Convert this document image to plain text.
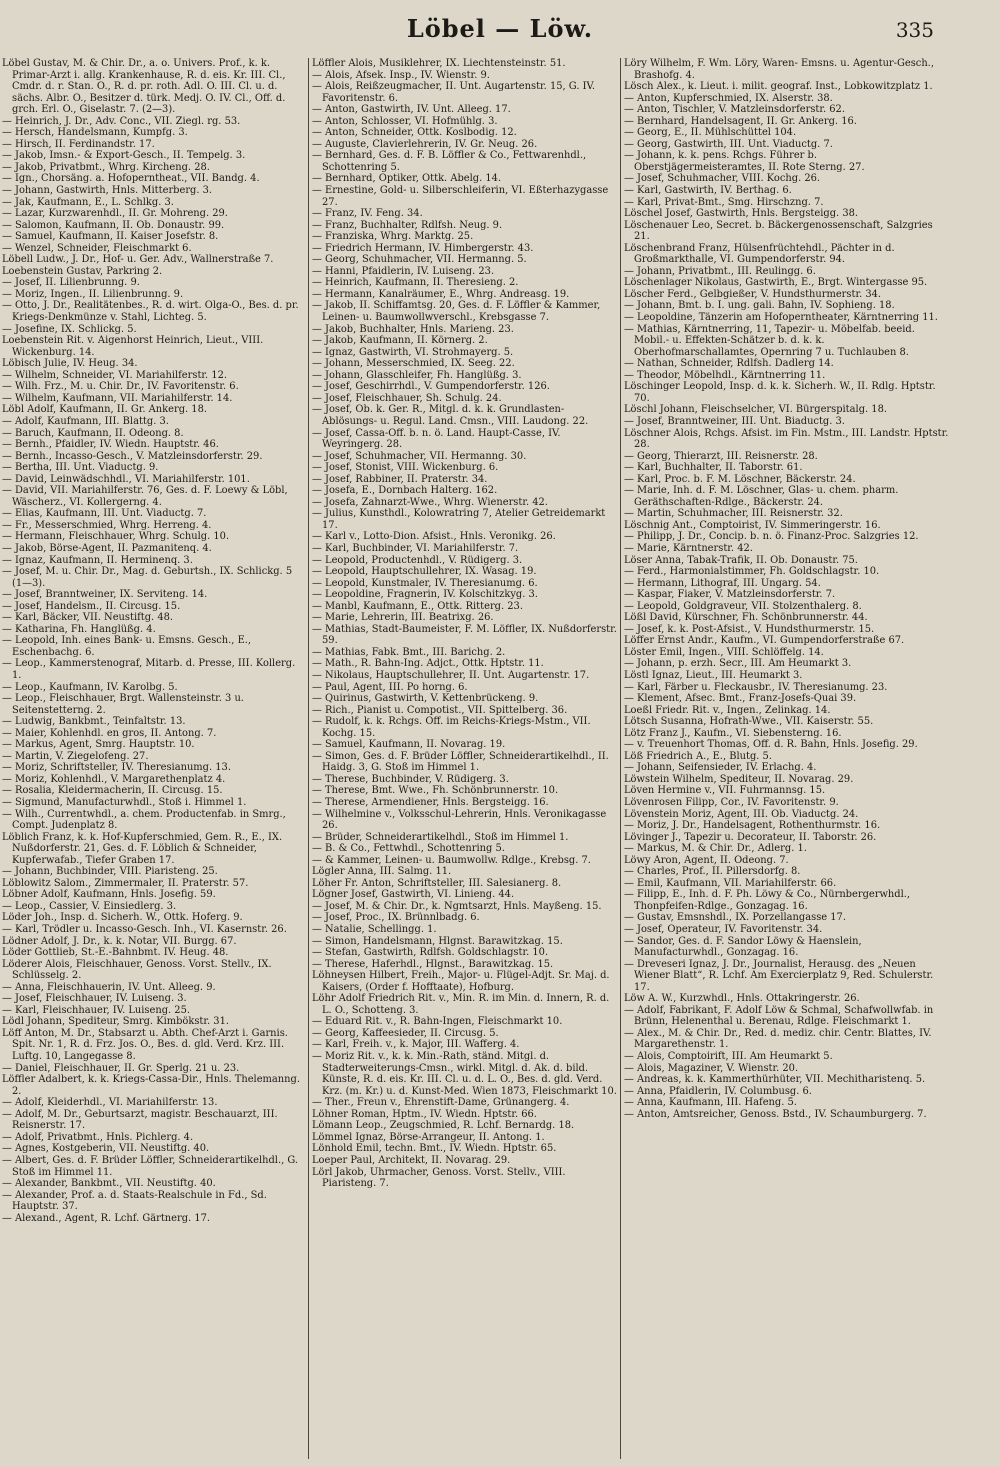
Löbel — Löw.	335
Löbel Gustav, M. & Chir. Dr., a. o. Univers. Prof., k. k. Primar-Arzt i. allg. Krankenhause, R. d. eis. Kr. III. Cl., Cmdr. d. r. Stan. O., R. d. pr. roth. Adl. O. III. Cl. u. d. sächs. Albr. O., Besitzer d. türk. Medj. O. IV. Cl., Off. d. grch. Erl. O., Giselastr. 7. (2—3).
— Heinrich, J. Dr., Adv. Conc., VII. Ziegl. rg. 53.
— Hersch, Handelsmann, Kumpfg. 3.
— Hirsch, II. Ferdinandstr. 17.
— Jakob, Imsn.- & Export-Gesch., II. Tempelg. 3.
— Jakob, Privatbmt., Whrg. Kircheng. 28.
— Ign., Chorsäng. a. Hofoperntheat., VII. Bandg. 4.
— Johann, Gastwirth, Hnls. Mitterberg. 3.
— Jak, Kaufmann, E., L. Schlkg. 3.
— Lazar, Kurzwarenhdl., II. Gr. Mohreng. 29.
— Salomon, Kaufmann, II. Ob. Donaustr. 99.
— Samuel, Kaufmann, II. Kaiser Josefstr. 8.
— Wenzel, Schneider, Fleischmarkt 6.
Löbell Ludw., J. Dr., Hof- u. Ger. Adv., Wallnerstraße 7.
Loebenstein Gustav, Parkring 2.
— Josef, II. Lilienbrunng. 9.
— Moriz, Ingen., II. Lilienbrunng. 9.
— Otto, J. Dr., Realitätenbes., R. d. wirt. Olga-O., Bes. d. pr. Kriegs-Denkmünze v. Stahl, Lichteg. 5.
— Josefine, IX. Schlickg. 5.
Loebenstein Rit. v. Aigenhorst Heinrich, Lieut., VIII. Wickenburg. 14.
Löbisch Julie, IV. Heug. 34.
— Wilhelm, Schneider, VI. Mariahilferstr. 12.
— Wilh. Frz., M. u. Chir. Dr., IV. Favoritenstr. 6.
— Wilhelm, Kaufmann, VII. Mariahilferstr. 14.
Löbl Adolf, Kaufmann, II. Gr. Ankerg. 18.
— Adolf, Kaufmann, III. Blattg. 3.
— Baruch, Kaufmann, II. Odeong. 8.
— Bernh., Pfaidler, IV. Wiedn. Hauptstr. 46.
— Bernh., Incasso-Gesch., V. Matzleinsdorferstr. 29.
— Bertha, III. Unt. Viaductg. 9.
— David, Leinwädschhdl., VI. Mariahilferstr. 101.
— David, VII. Mariahilferstr. 76, Ges. d. F. Loewy & Löbl, Wäscherz., VI. Kollergerng. 4.
— Elias, Kaufmann, III. Unt. Viaductg. 7.
— Fr., Messerschmied, Whrg. Herreng. 4.
— Hermann, Fleischhauer, Whrg. Schulg. 10.
— Jakob, Börse-Agent, II. Pazmanitenq. 4.
— Ignaz, Kaufmann, II. Herminenq. 3.
— Josef, M. u. Chir. Dr., Mag. d. Geburtsh., IX. Schlickg. 5 (1—3).
— Josef, Branntweiner, IX. Serviteng. 14.
— Josef, Handelsm., II. Circusg. 15.
— Karl, Bäcker, VII. Neustiftg. 48.
— Katharina, Fh. Hanglüßg. 4.
— Leopold, Inh. eines Bank- u. Emsns. Gesch., E., Eschenbachg. 6.
— Leop., Kammerstenograf, Mitarb. d. Presse, III. Kollerg. 1.
— Leop., Kaufmann, IV. Karolbg. 5.
— Leop., Fleischhauer, Brgt. Wallensteinstr. 3 u. Seitenstetterng. 2.
— Ludwig, Bankbmt., Teinfaltstr. 13.
— Maier, Kohlenhdl. en gros, II. Antong. 7.
— Markus, Agent, Smrg. Hauptstr. 10.
— Martin, V. Ziegelofeng. 27.
— Moriz, Schriftsteller, IV. Theresianumg. 13.
— Moriz, Kohlenhdl., V. Margarethenplatz 4.
— Rosalia, Kleidermacherin, II. Circusg. 15.
— Sigmund, Manufacturwhdl., Stoß i. Himmel 1.
— Wilh., Currentwhdl., a. chem. Productenfab. in Smrg., Compt. Judenplatz 8.
Löblich Franz, k. k. Hof-Kupferschmied, Gem. R., E., IX. Nußdorferstr. 21, Ges. d. F. Löblich & Schneider, Kupferwafab., Tiefer Graben 17.
— Johann, Buchbinder, VIII. Piaristeng. 25.
Löblowitz Salom., Zimmermaler, II. Praterstr. 57.
Löbner Adolf, Kaufmann, Hnls. Josefig. 59.
— Leop., Cassier, V. Einsiedlerg. 3.
Löder Joh., Insp. d. Sicherh. W., Ottk. Hoferg. 9.
— Karl, Trödler u. Incasso-Gesch. Inh., VI. Kasernstr. 26.
Lödner Adolf, J. Dr., k. k. Notar, VII. Burgg. 67.
Löder Gottlieb, St.-E.-Bahnbmt. IV. Heug. 48.
Löderer Alois, Fleischhauer, Genoss. Vorst. Stellv., IX. Schlüsselg. 2.
— Anna, Fleischhauerin, IV. Unt. Alleeg. 9.
— Josef, Fleischhauer, IV. Luiseng. 3.
— Karl, Fleischhauer, IV. Luiseng. 25.
Lödl Johann, Spediteur, Smrg. Kimbökstr. 31.
Löff Anton, M. Dr., Stabsarzt u. Abth. Chef-Arzt i. Garnis. Spit. Nr. 1, R. d. Frz. Jos. O., Bes. d. gld. Verd. Krz. III. Luftg. 10, Langegasse 8.
— Daniel, Fleischhauer, II. Gr. Sperlg. 21 u. 23.
Löffler Adalbert, k. k. Kriegs-Cassa-Dir., Hnls. Thelemanng. 2.
— Adolf, Kleiderhdl., VI. Mariahilferstr. 13.
— Adolf, M. Dr., Geburtsarzt, magistr. Beschauarzt, III. Reisnerstr. 17.
— Adolf, Privatbmt., Hnls. Pichlerg. 4.
— Agnes, Kostgeberin, VII. Neustiftg. 40.
— Albert, Ges. d. F. Brüder Löffler, Schneiderartikelhdl., G. Stoß im Himmel 11.
— Alexander, Bankbmt., VII. Neustiftg. 40.
— Alexander, Prof. a. d. Staats-Realschule in Fd., Sd. Hauptstr. 37.
— Alexand., Agent, R. Lchf. Gärtnerg. 17.
Löffler Alois, Musiklehrer, IX. Liechtensteinstr. 51.
— Alois, Afsek. Insp., IV. Wienstr. 9.
— Alois, Reißzeugmacher, II. Unt. Augartenstr. 15, G. IV. Favoritenstr. 6.
— Anton, Gastwirth, IV. Unt. Alleeg. 17.
— Anton, Schlosser, VI. Hofmühlg. 3.
— Anton, Schneider, Ottk. Koslbodig. 12.
— Auguste, Clavierlehrerin, IV. Gr. Neug. 26.
— Bernhard, Ges. d. F. B. Löffler & Co., Fettwarenhdl., Schottenring 5.
— Bernhard, Optiker, Ottk. Abelg. 14.
— Ernestine, Gold- u. Silberschleiferin, VI. Eßterhazygasse 27.
— Franz, IV. Feng. 34.
— Franz, Buchhalter, Rdlfsh. Neug. 9.
— Franziska, Whrg. Marktg. 25.
— Friedrich Hermann, IV. Himbergerstr. 43.
— Georg, Schuhmacher, VII. Hermanng. 5.
— Hanni, Pfaidlerin, IV. Luiseng. 23.
— Heinrich, Kaufmann, II. Theresieng. 2.
— Hermann, Kanalräumer, E., Whrg. Andreasg. 19.
— Jakob, II. Schiffamtsg. 20, Ges. d. F. Löffler & Kammer, Leinen- u. Baumwollwverschl., Krebsgasse 7.
— Jakob, Buchhalter, Hnls. Marieng. 23.
— Jakob, Kaufmann, II. Körnerg. 2.
— Ignaz, Gastwirth, VI. Strohmayerg. 5.
— Johann, Messerschmied, IX. Seeg. 22.
— Johann, Glasschleifer, Fh. Hanglüßg. 3.
— Josef, Geschirrhdl., V. Gumpendorferstr. 126.
— Josef, Fleischhauer, Sh. Schulg. 24.
— Josef, Ob. k. Ger. R., Mitgl. d. k. k. Grundlasten-Ablösungs- u. Regul. Land. Cmsn., VIII. Laudong. 22.
— Josef, Cassa-Off. b. n. ö. Land. Haupt-Casse, IV. Weyringerg. 28.
— Josef, Schuhmacher, VII. Hermanng. 30.
— Josef, Stonist, VIII. Wickenburg. 6.
— Josef, Rabbiner, II. Praterstr. 34.
— Josefa, E., Dornbach Halterg. 162.
— Josefa, Zahnarzt-Wwe., Whrg. Wienerstr. 42.
— Julius, Kunsthdl., Kolowratring 7, Atelier Getreidemarkt 17.
— Karl v., Lotto-Dion. Afsist., Hnls. Veronikg. 26.
— Karl, Buchbinder, VI. Mariahilferstr. 7.
— Leopold, Productenhdl., V. Rüdigerg. 3.
— Leopold, Hauptschullehrer, IX. Wasag. 19.
— Leopold, Kunstmaler, IV. Theresianumg. 6.
— Leopoldine, Fragnerin, IV. Kolschitzkyg. 3.
— Manbl, Kaufmann, E., Ottk. Ritterg. 23.
— Marie, Lehrerin, III. Beatrixg. 26.
— Mathias, Stadt-Baumeister, F. M. Löffler, IX. Nußdorferstr. 59.
— Mathias, Fabk. Bmt., III. Barichg. 2.
— Math., R. Bahn-Ing. Adjct., Ottk. Hptstr. 11.
— Nikolaus, Hauptschullehrer, II. Unt. Augartenstr. 17.
— Paul, Agent, III. Po horng. 6.
— Quirinus, Gastwirth, V. Kettenbrückeng. 9.
— Rich., Pianist u. Compotist., VII. Spittelberg. 36.
— Rudolf, k. k. Rchgs. Off. im Reichs-Kriegs-Mstm., VII. Kochg. 15.
— Samuel, Kaufmann, II. Novarag. 19.
— Simon, Ges. d. F. Brüder Löffler, Schneiderartikelhdl., II. Haidg. 3, G. Stoß im Himmel 1.
— Therese, Buchbinder, V. Rüdigerg. 3.
— Therese, Bmt. Wwe., Fh. Schönbrunnerstr. 10.
— Therese, Armendiener, Hnls. Bergsteigg. 16.
— Wilhelmine v., Volksschul-Lehrerin, Hnls. Veronikagasse 26.
— Brüder, Schneiderartikelhdl., Stoß im Himmel 1.
— B. & Co., Fettwhdl., Schottenring 5.
— & Kammer, Leinen- u. Baumwollw. Rdlge., Krebsg. 7.
Lögler Anna, III. Salmg. 11.
Löher Fr. Anton, Schriftsteller, III. Salesianerg. 8.
Lögner Josef, Gastwirth, VI. Linieng. 44.
— Josef, M. & Chir. Dr., k. Ngmtsarzt, Hnls. Mayßeng. 15.
— Josef, Proc., IX. Brünnlbadg. 6.
— Natalie, Schellingg. 1.
— Simon, Handelsmann, Hlgnst. Barawitzkag. 15.
— Stefan, Gastwirth, Rdlfsh. Goldschlagstr. 10.
— Therese, Haferhdl., Hlgnst., Barawitzkag. 15.
Löhneysen Hilbert, Freih., Major- u. Flügel-Adjt. Sr. Maj. d. Kaisers, (Order f. Hofftaate), Hofburg.
Löhr Adolf Friedrich Rit. v., Min. R. im Min. d. Innern, R. d. L. O., Schotteng. 3.
— Eduard Rit. v., R. Bahn-Ingen, Fleischmarkt 10.
— Georg, Kaffeesieder, II. Circusg. 5.
— Karl, Freih. v., k. Major, III. Wafferg. 4.
— Moriz Rit. v., k. k. Min.-Rath, ständ. Mitgl. d. Stadterweiterungs-Cmsn., wirkl. Mitgl. d. Ak. d. bild. Künste, R. d. eis. Kr. III. Cl. u. d. L. O., Bes. d. gld. Verd. Krz. (m. Kr.) u. d. Kunst-Med. Wien 1873, Fleischmarkt 10.
— Ther., Freun v., Ehrenstift-Dame, Grünangerg. 4.
Löhner Roman, Hptm., IV. Wiedn. Hptstr. 66.
Lömann Leop., Zeugschmied, R. Lchf. Bernardg. 18.
Lömmel Ignaz, Börse-Arrangeur, II. Antong. 1.
Lönhold Emil, techn. Bmt., IV. Wiedn. Hptstr. 65.
Loeper Paul, Architekt, II. Novarag. 29.
Lörl Jakob, Uhrmacher, Genoss. Vorst. Stellv., VIII. Piaristeng. 7.
Löry Wilhelm, F. Wm. Löry, Waren- Emsns. u. Agentur-Gesch., Brashofg. 4.
Lösch Alex., k. Lieut. i. milit. geograf. Inst., Lobkowitzplatz 1.
— Anton, Kupferschmied, IX. Alserstr. 38.
— Anton, Tischler, V. Matzleinsdorferstr. 62.
— Bernhard, Handelsagent, II. Gr. Ankerg. 16.
— Georg, E., II. Mühlschüttel 104.
— Georg, Gastwirth, III. Unt. Viaductg. 7.
— Johann, k. k. pens. Rchgs. Führer b. Oberstjägermeisteramtes, II. Rote Sterng. 27.
— Josef, Schuhmacher, VIII. Kochg. 26.
— Karl, Gastwirth, IV. Berthag. 6.
— Karl, Privat-Bmt., Smg. Hirschzng. 7.
Löschel Josef, Gastwirth, Hnls. Bergsteigg. 38.
Löschenauer Leo, Secret. b. Bäckergenossenschaft, Salzgries 21.
Löschenbrand Franz, Hülsenfrüchtehdl., Pächter in d. Großmarkthalle, VI. Gumpendorferstr. 94.
— Johann, Privatbmt., III. Reulingg. 6.
Löschenlager Nikolaus, Gastwirth, E., Brgt. Wintergasse 95.
Löscher Ferd., Gelbgießer, V. Hundsthurmerstr. 34.
— Johann, Bmt. b. I. ung. gali. Bahn, IV. Sophieng. 18.
— Leopoldine, Tänzerin am Hofoperntheater, Kärntnerring 11.
— Mathias, Kärntnerring, 11, Tapezir- u. Möbelfab. beeid. Mobil.- u. Effekten-Schätzer b. d. k. k. Oberhofmarschallamtes, Opernring 7 u. Tuchlauben 8.
— Nathan, Schneider, Rdlfsh. Dadlerg 14.
— Theodor, Möbelhdl., Kärntnerring 11.
Löschinger Leopold, Insp. d. k. k. Sicherh. W., II. Rdlg. Hptstr. 70.
Löschl Johann, Fleischselcher, VI. Bürgerspitalg. 18.
— Josef, Branntweiner, III. Unt. Biaductg. 3.
Löschner Alois, Rchgs. Afsist. im Fin. Mstm., III. Landstr. Hptstr. 28.
— Georg, Thierarzt, III. Reisnerstr. 28.
— Karl, Buchhalter, II. Taborstr. 61.
— Karl, Proc. b. F. M. Löschner, Bäckerstr. 24.
— Marie, Inh. d. F. M. Löschner, Glas- u. chem. pharm. Geräthschaften-Rdlge., Bäckerstr. 24.
— Martin, Schuhmacher, III. Reisnerstr. 32.
Löschnig Ant., Comptoirist, IV. Simmeringerstr. 16.
— Philipp, J. Dr., Concip. b. n. ö. Finanz-Proc. Salzgries 12.
— Marie, Kärntnerstr. 42.
Löser Anna, Tabak-Trafik, II. Ob. Donaustr. 75.
— Ferd., Harmonialstimmer, Fh. Goldschlagstr. 10.
— Hermann, Lithograf, III. Ungarg. 54.
— Kaspar, Fiaker, V. Matzleinsdorferstr. 7.
— Leopold, Goldgraveur, VII. Stolzenthalerg. 8.
Lößl David, Kürschner, Fh. Schönbrunnerstr. 44.
— Josef, k. k. Post-Afsist., V. Hundsthurmerstr. 15.
Löffer Ernst Andr., Kaufm., VI. Gumpendorferstraße 67.
Löster Emil, Ingen., VIII. Schlöffelg. 14.
— Johann, p. erzh. Secr., III. Am Heumarkt 3.
Löstl Ignaz, Lieut., III. Heumarkt 3.
— Karl, Färber u. Fleckausbr., IV. Theresianumg. 23.
— Klement, Afsec. Bmt., Franz-Josefs-Quai 39.
Loeßl Friedr. Rit. v., Ingen., Zelinkag. 14.
Lötsch Susanna, Hofrath-Wwe., VII. Kaiserstr. 55.
Lötz Franz J., Kaufm., VI. Siebensterng. 16.
— v. Treuenhort Thomas, Off. d. R. Bahn, Hnls. Josefig. 29.
Löß Friedrich A., E., Blutg. 5.
— Johann, Seifensieder, IV. Erlachg. 4.
Löwstein Wilhelm, Spediteur, II. Novarag. 29.
Löven Hermine v., VII. Fuhrmannsg. 15.
Lövenrosen Filipp, Cor., IV. Favoritenstr. 9.
Lövenstein Moriz, Agent, III. Ob. Viaductg. 24.
— Moriz, J. Dr., Handelsagent, Rothenthurmstr. 16.
Lövinger J., Tapezir u. Decorateur, II. Taborstr. 26.
— Markus, M. & Chir. Dr., Adlerg. 1.
Löwy Aron, Agent, II. Odeong. 7.
— Charles, Prof., II. Pillersdorfg. 8.
— Emil, Kaufmann, VII. Mariahilferstr. 66.
— Filipp, E., Inh. d. F. Ph. Löwy & Co., Nürnbergerwhdl., Thonpfeifen-Rdlge., Gonzagag. 16.
— Gustav, Emsnshdl., IX. Porzellangasse 17.
— Josef, Operateur, IV. Favoritenstr. 34.
— Sandor, Ges. d. F. Sandor Löwy & Haenslein, Manufacturwhdl., Gonzagag. 16.
— Dreveseri Ignaz, J. Dr., Journalist, Herausg. des „Neuen Wiener Blatt“, R. Lchf. Am Exercierplatz 9, Red. Schulerstr. 17.
Löw A. W., Kurzwhdl., Hnls. Ottakringerstr. 26.
— Adolf, Fabrikant, F. Adolf Löw & Schmal, Schafwollwfab. in Brünn, Helenenthal u. Berenau, Rdlge. Fleischmarkt 1.
— Alex., M. & Chir. Dr., Red. d. mediz. chir. Centr. Blattes, IV. Margarethenstr. 1.
— Alois, Comptoirift, III. Am Heumarkt 5.
— Alois, Magaziner, V. Wienstr. 20.
— Andreas, k. k. Kammerthürhüter, VII. Mechitharistenq. 5.
— Anna, Pfaidlerin, IV. Columbusg. 6.
— Anna, Kaufmann, III. Hafeng. 5.
— Anton, Amtsreicher, Genoss. Bstd., IV. Schaumburgerg. 7.
